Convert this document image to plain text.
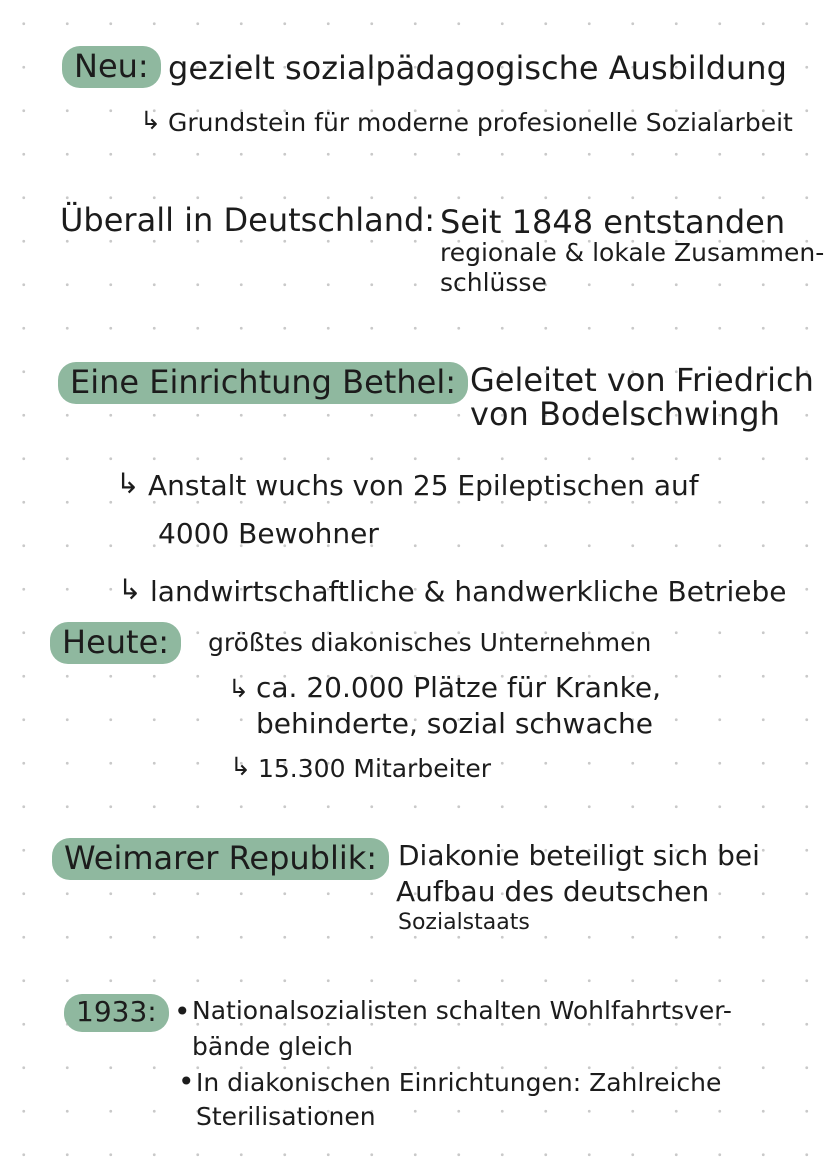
Neu: gezielt sozialpädagogische Ausbildung
↳ Grundstein für moderne profesionelle Sozialarbeit
Überall in Deutschland: Seit 1848 entstanden
regionale & lokale Zusammen-
schlüsse
Eine Einrichtung Bethel: Geleitet von Friedrich
von Bodelschwingh
↳ Anstalt wuchs von 25 Epileptischen auf
4000 Bewohner
↳ landwirtschaftliche & handwerkliche Betriebe
Heute:	größtes diakonisches Unternehmen
↳ ca. 20.000 Plätze für Kranke,
behinderte, sozial schwache
↳ 15.300 Mitarbeiter
Weimarer Republik: Diakonie beteiligt sich bei
Aufbau des deutschen
Sozialstaats
1933: • Nationalsozialisten schalten Wohlfahrtsver-
bände gleich
• In diakonischen Einrichtungen: Zahlreiche
Sterilisationen
